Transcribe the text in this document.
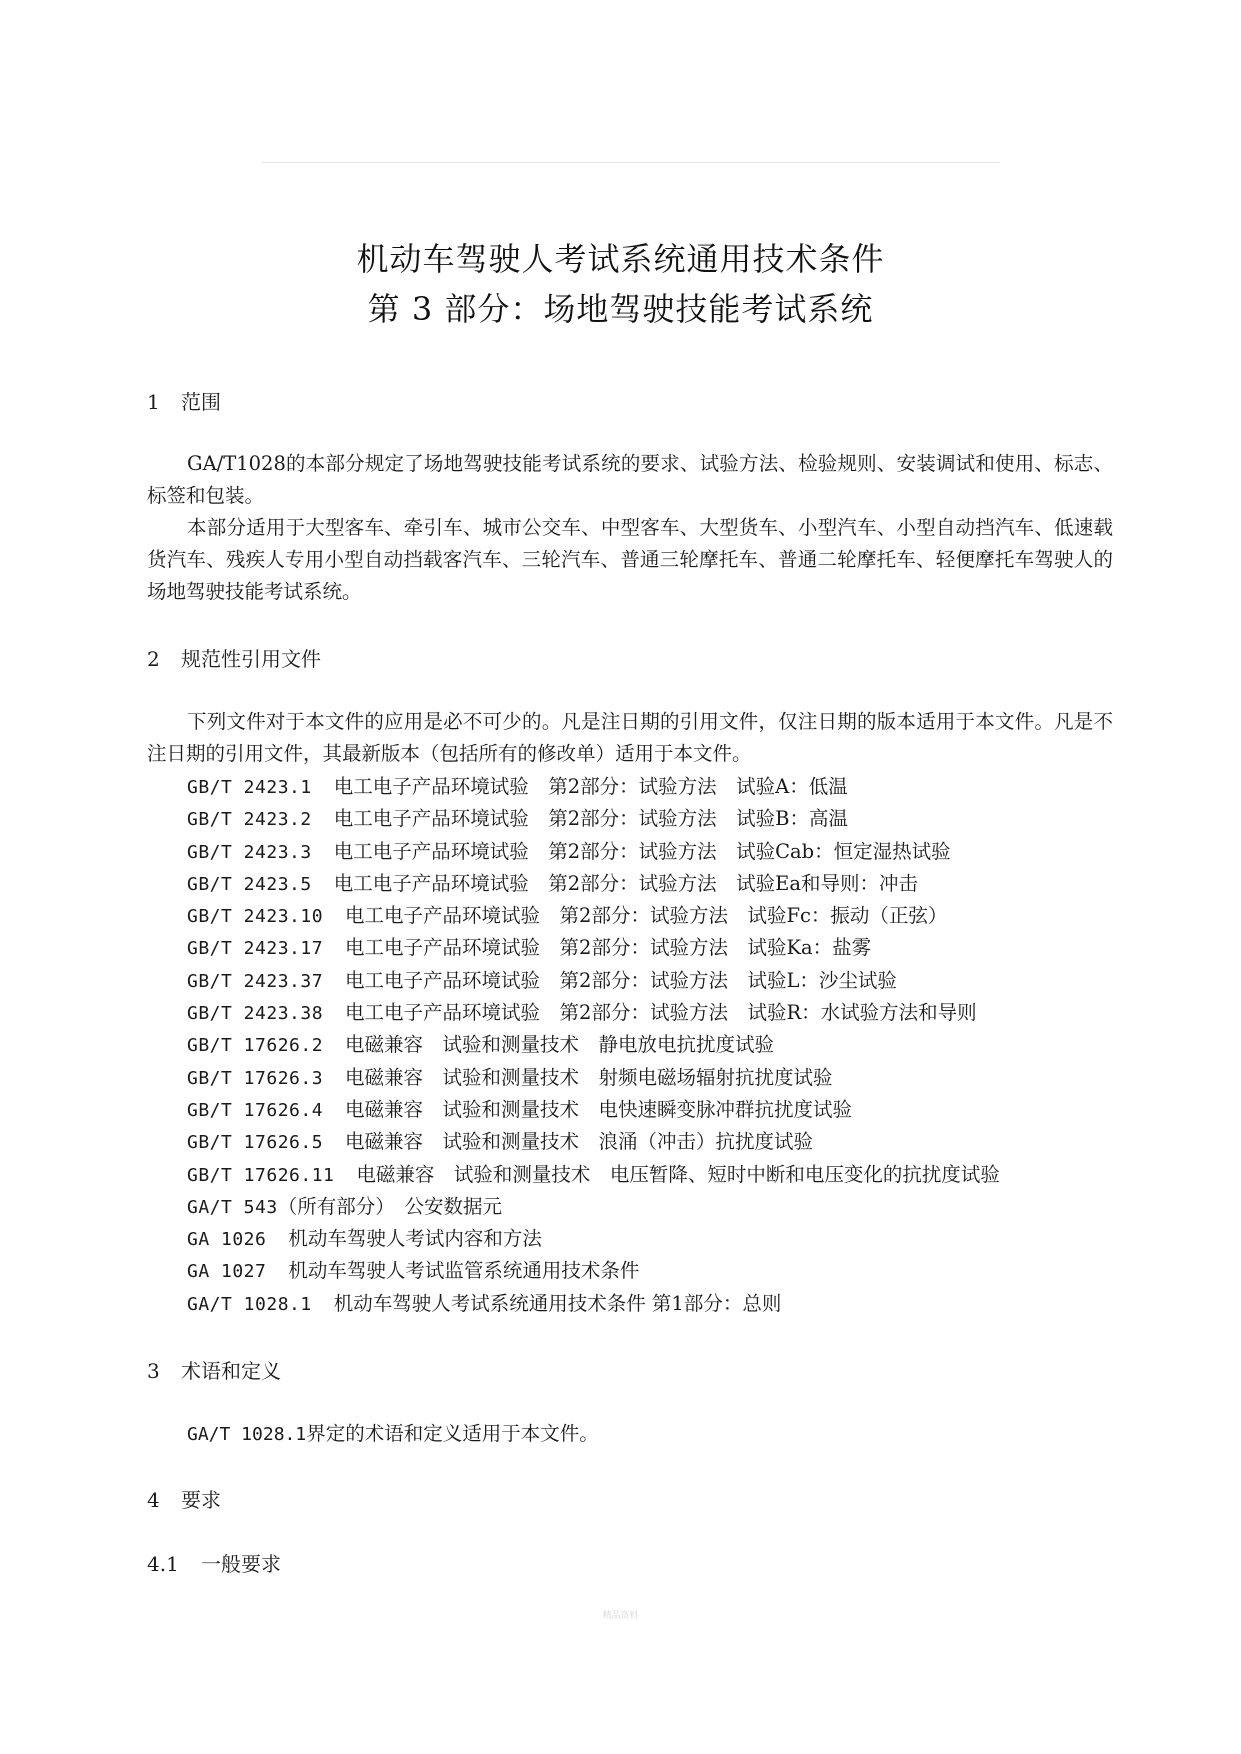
机动车驾驶人考试系统通用技术条件
第 3 部分：场地驾驶技能考试系统
1 范围
GA/T1028的本部分规定了场地驾驶技能考试系统的要求、试验方法、检验规则、安装调试和使用、标志、标签和包装。
本部分适用于大型客车、牵引车、城市公交车、中型客车、大型货车、小型汽车、小型自动挡汽车、低速载货汽车、残疾人专用小型自动挡载客汽车、三轮汽车、普通三轮摩托车、普通二轮摩托车、轻便摩托车驾驶人的场地驾驶技能考试系统。
2 规范性引用文件
下列文件对于本文件的应用是必不可少的。凡是注日期的引用文件，仅注日期的版本适用于本文件。凡是不注日期的引用文件，其最新版本（包括所有的修改单）适用于本文件。
GB/T 2423.1 电工电子产品环境试验　第2部分：试验方法　试验A：低温
GB/T 2423.2 电工电子产品环境试验　第2部分：试验方法　试验B：高温
GB/T 2423.3 电工电子产品环境试验　第2部分：试验方法　试验Cab：恒定湿热试验
GB/T 2423.5 电工电子产品环境试验　第2部分：试验方法　试验Ea和导则：冲击
GB/T 2423.10 电工电子产品环境试验　第2部分：试验方法　试验Fc：振动（正弦）
GB/T 2423.17 电工电子产品环境试验　第2部分：试验方法　试验Ka：盐雾
GB/T 2423.37 电工电子产品环境试验　第2部分：试验方法　试验L：沙尘试验
GB/T 2423.38 电工电子产品环境试验　第2部分：试验方法　试验R：水试验方法和导则
GB/T 17626.2 电磁兼容　试验和测量技术　静电放电抗扰度试验
GB/T 17626.3 电磁兼容　试验和测量技术　射频电磁场辐射抗扰度试验
GB/T 17626.4 电磁兼容　试验和测量技术　电快速瞬变脉冲群抗扰度试验
GB/T 17626.5 电磁兼容　试验和测量技术　浪涌（冲击）抗扰度试验
GB/T 17626.11 电磁兼容　试验和测量技术　电压暂降、短时中断和电压变化的抗扰度试验
GA/T 543（所有部分）　公安数据元
GA 1026 机动车驾驶人考试内容和方法
GA 1027 机动车驾驶人考试监管系统通用技术条件
GA/T 1028.1 机动车驾驶人考试系统通用技术条件 第1部分：总则
3 术语和定义
GA/T 1028.1界定的术语和定义适用于本文件。
4 要求
4.1 一般要求
精品资料
